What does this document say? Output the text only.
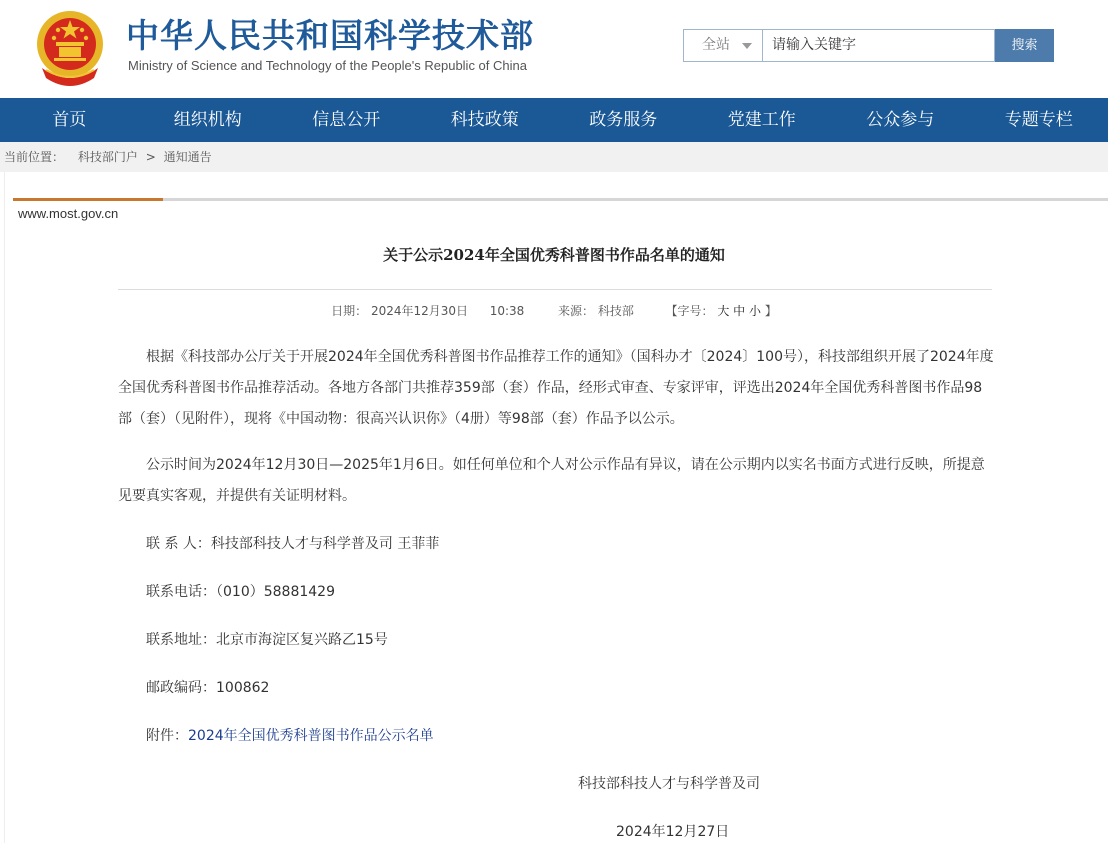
中华人民共和国科学技术部
Ministry of Science and Technology of the People's Republic of China
全站	请输入关键字	搜索
首页	组织机构	信息公开	科技政策	政务服务	党建工作	公众参与	专题专栏
当前位置： 科技部门户 > 通知通告
www.most.gov.cn
关于公示2024年全国优秀科普图书作品名单的通知
日期： 2024年12月30日 10:38	来源： 科技部	【字号： 大 中 小 】

根据《科技部办公厅关于开展2024年全国优秀科普图书作品推荐工作的通知》（国科办才〔2024〕100号），科技部组织开展了2024年度全国优秀科普图书作品推荐活动。各地方各部门共推荐359部（套）作品，经形式审查、专家评审，评选出2024年全国优秀科普图书作品98部（套）（见附件），现将《中国动物：很高兴认识你》（4册）等98部（套）作品予以公示。

公示时间为2024年12月30日—2025年1月6日。如任何单位和个人对公示作品有异议，请在公示期内以实名书面方式进行反映，所提意见要真实客观，并提供有关证明材料。

联 系 人：科技部科技人才与科学普及司 王菲菲
联系电话：（010）58881429
联系地址：北京市海淀区复兴路乙15号
邮政编码：100862
附件：2024年全国优秀科普图书作品公示名单
科技部科技人才与科学普及司
2024年12月27日
